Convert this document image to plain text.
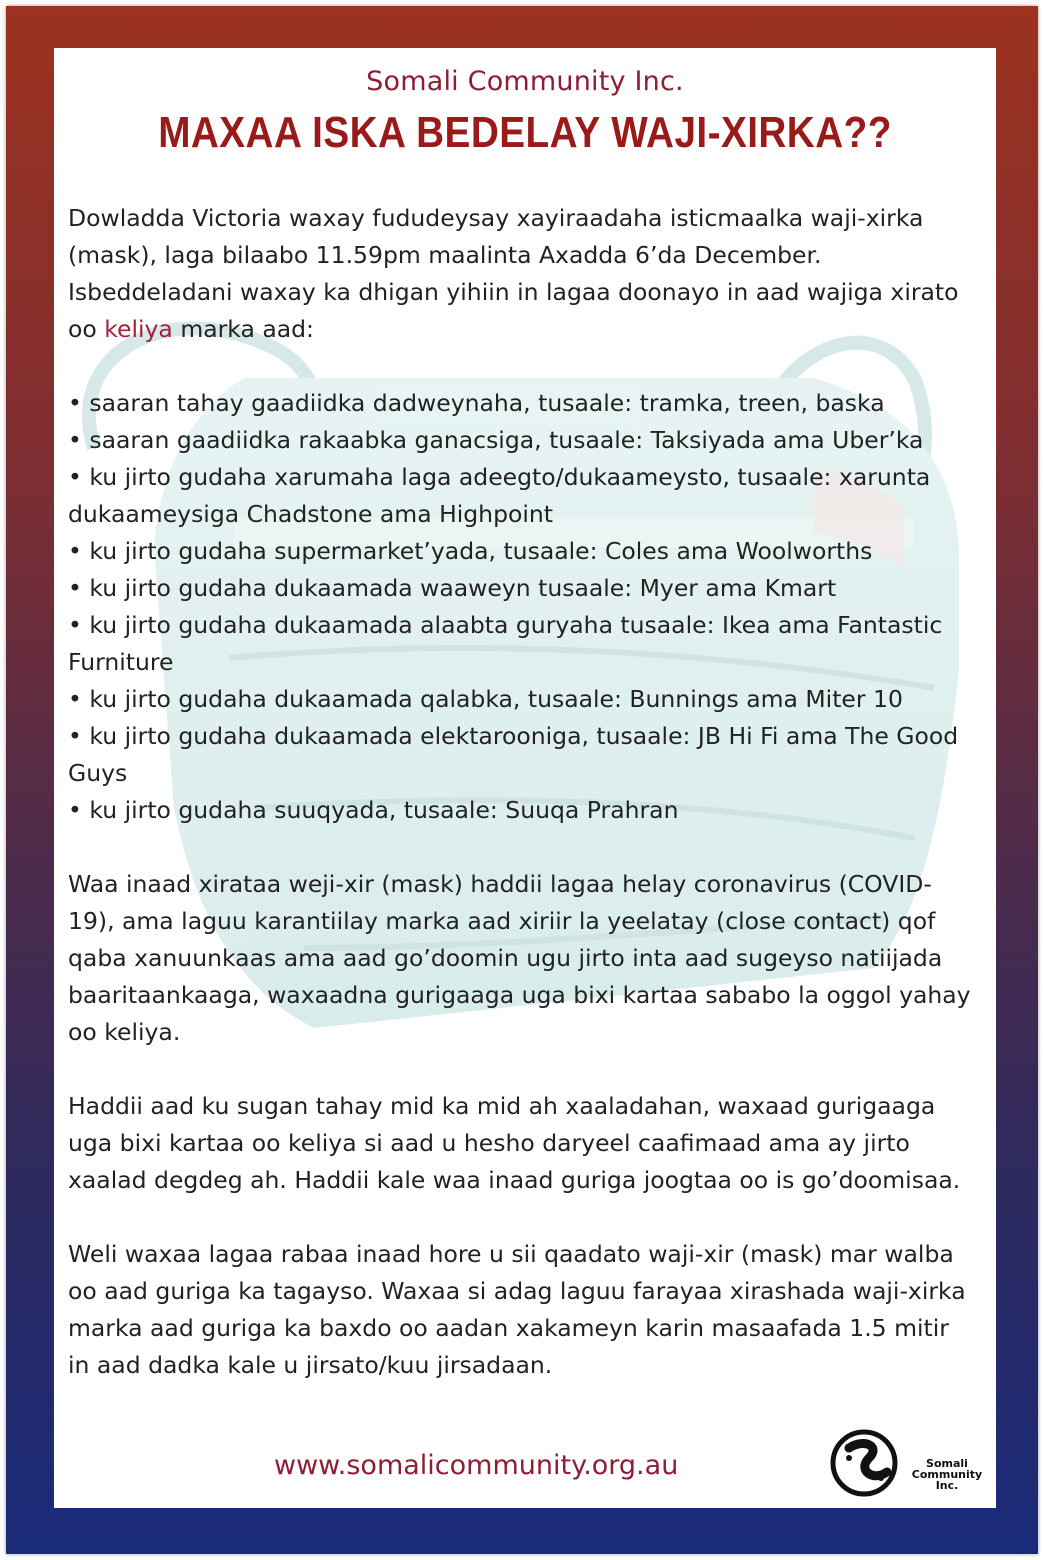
Somali Community Inc.
MAXAA ISKA BEDELAY WAJI-XIRKA??

Dowladda Victoria waxay fududeysay xayiraadaha isticmaalka waji-xirka (mask), laga bilaabo 11.59pm maalinta Axadda 6’da December. Isbeddeladani waxay ka dhigan yihiin in lagaa doonayo in aad wajiga xirato oo keliya marka aad:

• saaran tahay gaadiidka dadweynaha, tusaale: tramka, treen, baska
• saaran gaadiidka rakaabka ganacsiga, tusaale: Taksiyada ama Uber’ka
• ku jirto gudaha xarumaha laga adeegto/dukaameysto, tusaale: xarunta dukaameysiga Chadstone ama Highpoint
• ku jirto gudaha supermarket’yada, tusaale: Coles ama Woolworths
• ku jirto gudaha dukaamada waaweyn tusaale: Myer ama Kmart
• ku jirto gudaha dukaamada alaabta guryaha tusaale: Ikea ama Fantastic Furniture
• ku jirto gudaha dukaamada qalabka, tusaale: Bunnings ama Miter 10
• ku jirto gudaha dukaamada elektarooniga, tusaale: JB Hi Fi ama The Good Guys
• ku jirto gudaha suuqyada, tusaale: Suuqa Prahran

Waa inaad xirataa weji-xir (mask) haddii lagaa helay coronavirus (COVID-19), ama laguu karantiilay marka aad xiriir la yeelatay (close contact) qof qaba xanuunkaas ama aad go’doomin ugu jirto inta aad sugeyso natiijada baaritaankaaga, waxaadna gurigaaga uga bixi kartaa sababo la oggol yahay oo keliya.

Haddii aad ku sugan tahay mid ka mid ah xaaladahan, waxaad gurigaaga uga bixi kartaa oo keliya si aad u hesho daryeel caafimaad ama ay jirto xaalad degdeg ah. Haddii kale waa inaad guriga joogtaa oo is go’doomisaa.

Weli waxaa lagaa rabaa inaad hore u sii qaadato waji-xir (mask) mar walba oo aad guriga ka tagayso. Waxaa si adag laguu farayaa xirashada waji-xirka marka aad guriga ka baxdo oo aadan xakameyn karin masaafada 1.5 mitir in aad dadka kale u jirsato/kuu jirsadaan.

www.somalicommunity.org.au	Somali
Community
Inc.
